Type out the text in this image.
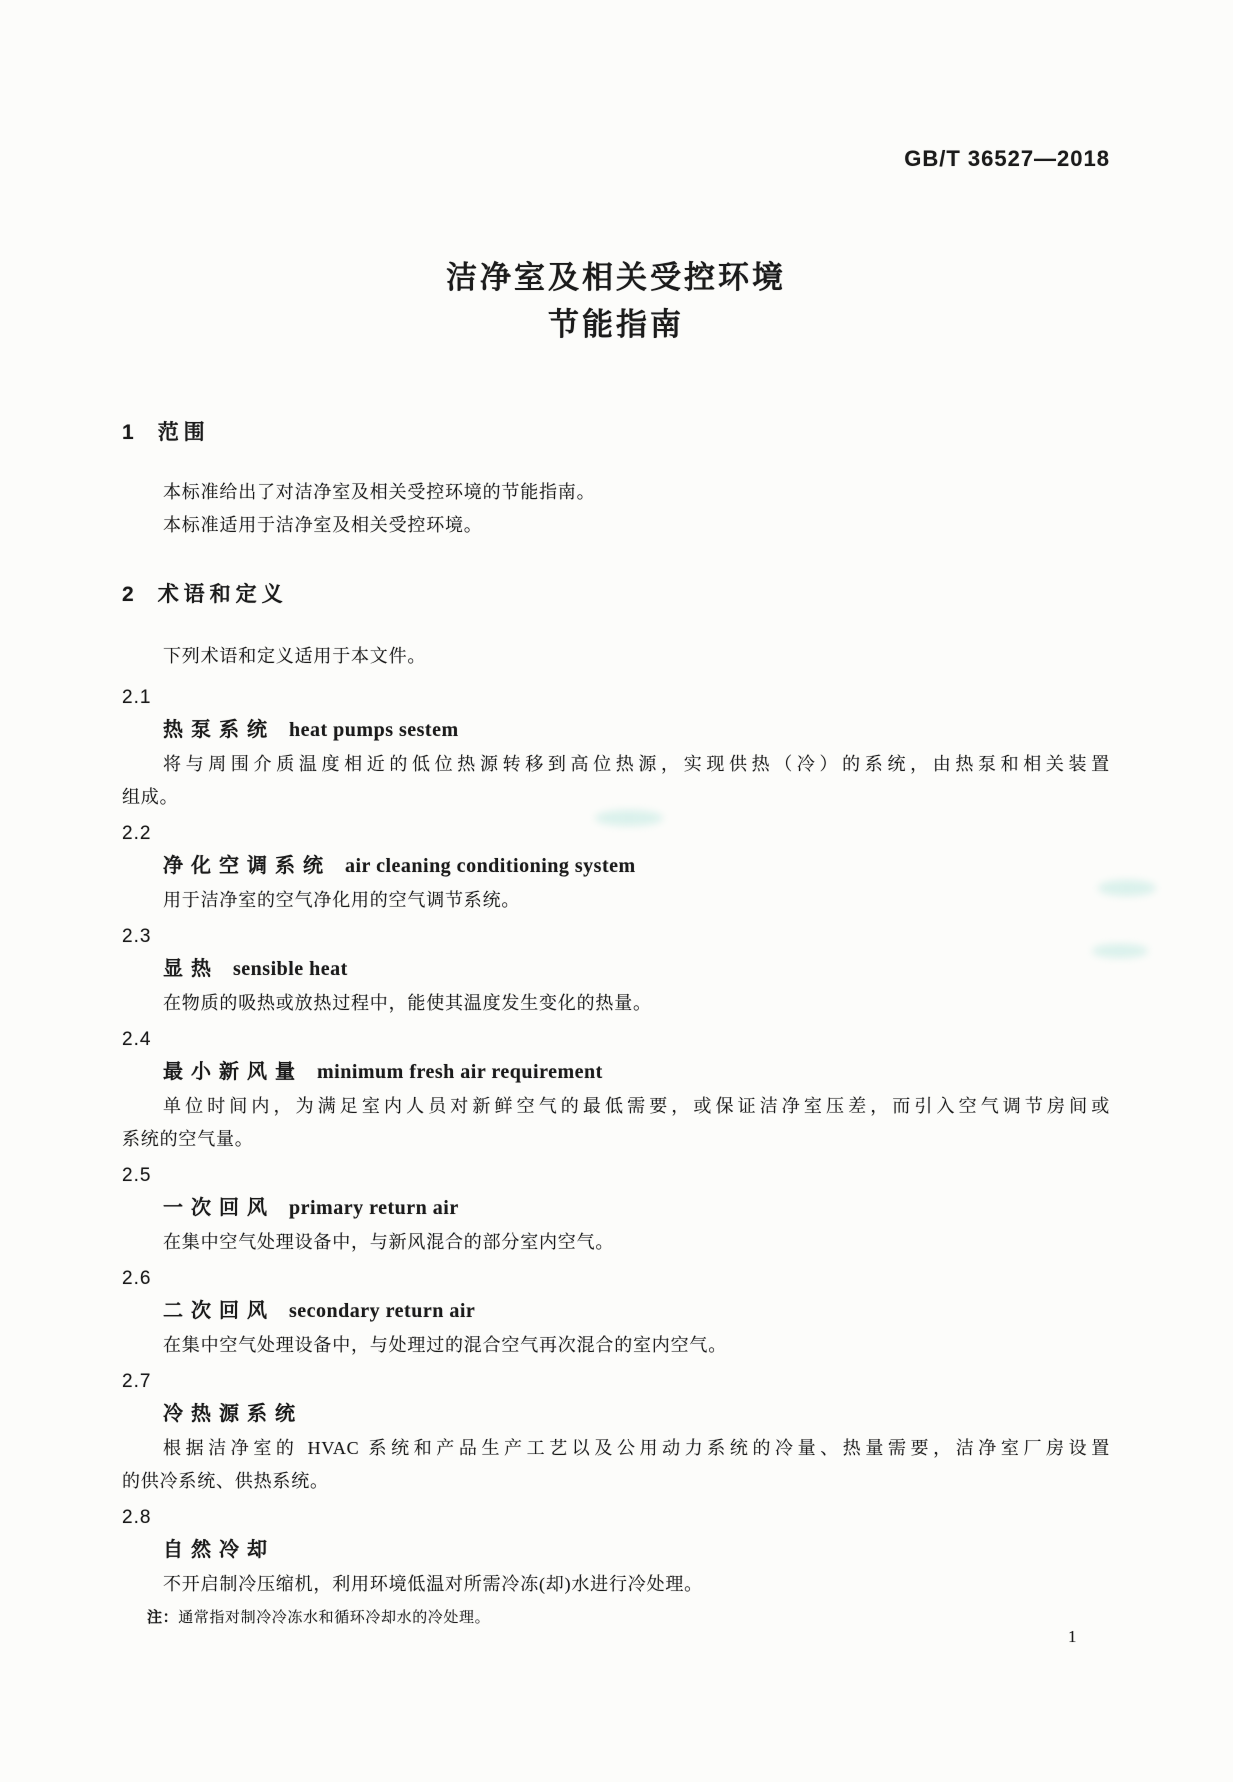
GB/T 36527—2018
洁净室及相关受控环境
节能指南
1 范围
本标准给出了对洁净室及相关受控环境的节能指南。
本标准适用于洁净室及相关受控环境。
2 术语和定义
下列术语和定义适用于本文件。
2.1
热泵系统 heat pumps sestem
将与周围介质温度相近的低位热源转移到高位热源，实现供热（冷）的系统，由热泵和相关装置
组成。
2.2
净化空调系统 air cleaning conditioning system
用于洁净室的空气净化用的空气调节系统。
2.3
显热 sensible heat
在物质的吸热或放热过程中，能使其温度发生变化的热量。
2.4
最小新风量 minimum fresh air requirement
单位时间内，为满足室内人员对新鲜空气的最低需要，或保证洁净室压差，而引入空气调节房间或
系统的空气量。
2.5
一次回风 primary return air
在集中空气处理设备中，与新风混合的部分室内空气。
2.6
二次回风 secondary return air
在集中空气处理设备中，与处理过的混合空气再次混合的室内空气。
2.7
冷热源系统
根据洁净室的 HVAC 系统和产品生产工艺以及公用动力系统的冷量、热量需要，洁净室厂房设置
的供冷系统、供热系统。
2.8
自然冷却
不开启制冷压缩机，利用环境低温对所需冷冻(却)水进行冷处理。
注：通常指对制冷冷冻水和循环冷却水的冷处理。
1
